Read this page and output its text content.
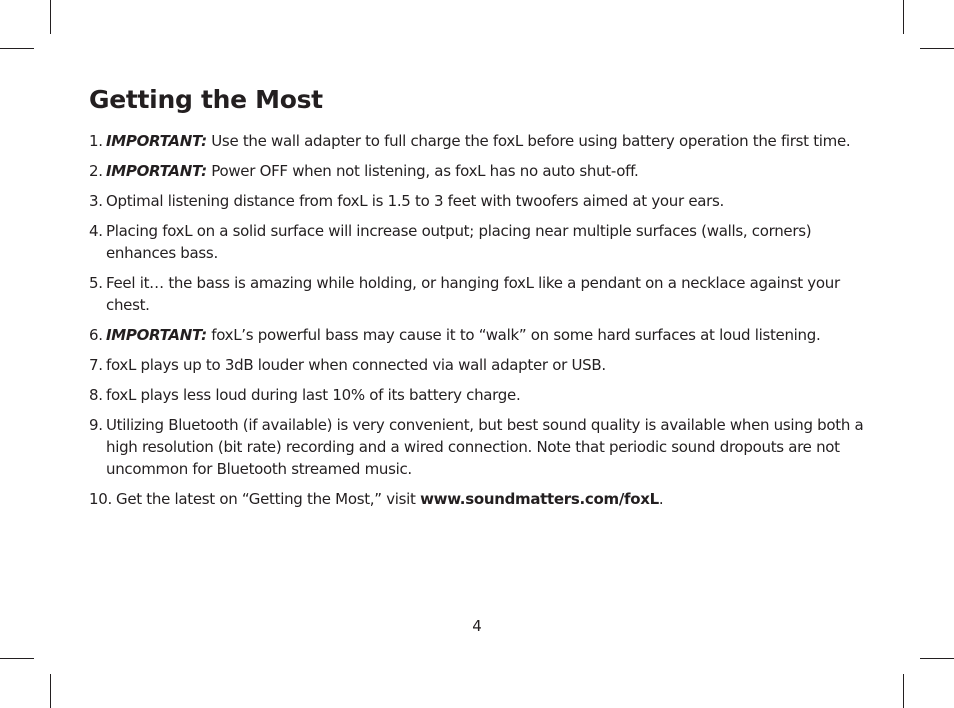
Getting the Most
1. IMPORTANT: Use the wall adapter to full charge the foxL before using battery operation the first time.
2. IMPORTANT: Power OFF when not listening, as foxL has no auto shut-off.
3. Optimal listening distance from foxL is 1.5 to 3 feet with twoofers aimed at your ears.
4. Placing foxL on a solid surface will increase output; placing near multiple surfaces (walls, corners) enhances bass.
5. Feel it… the bass is amazing while holding, or hanging foxL like a pendant on a necklace against your chest.
6. IMPORTANT: foxL’s powerful bass may cause it to “walk” on some hard surfaces at loud listening.
7. foxL plays up to 3dB louder when connected via wall adapter or USB.
8. foxL plays less loud during last 10% of its battery charge.
9. Utilizing Bluetooth (if available) is very convenient, but best sound quality is available when using both a high resolution (bit rate) recording and a wired connection. Note that periodic sound dropouts are not uncommon for Bluetooth streamed music.
10. Get the latest on “Getting the Most,” visit www.soundmatters.com/foxL.
4
